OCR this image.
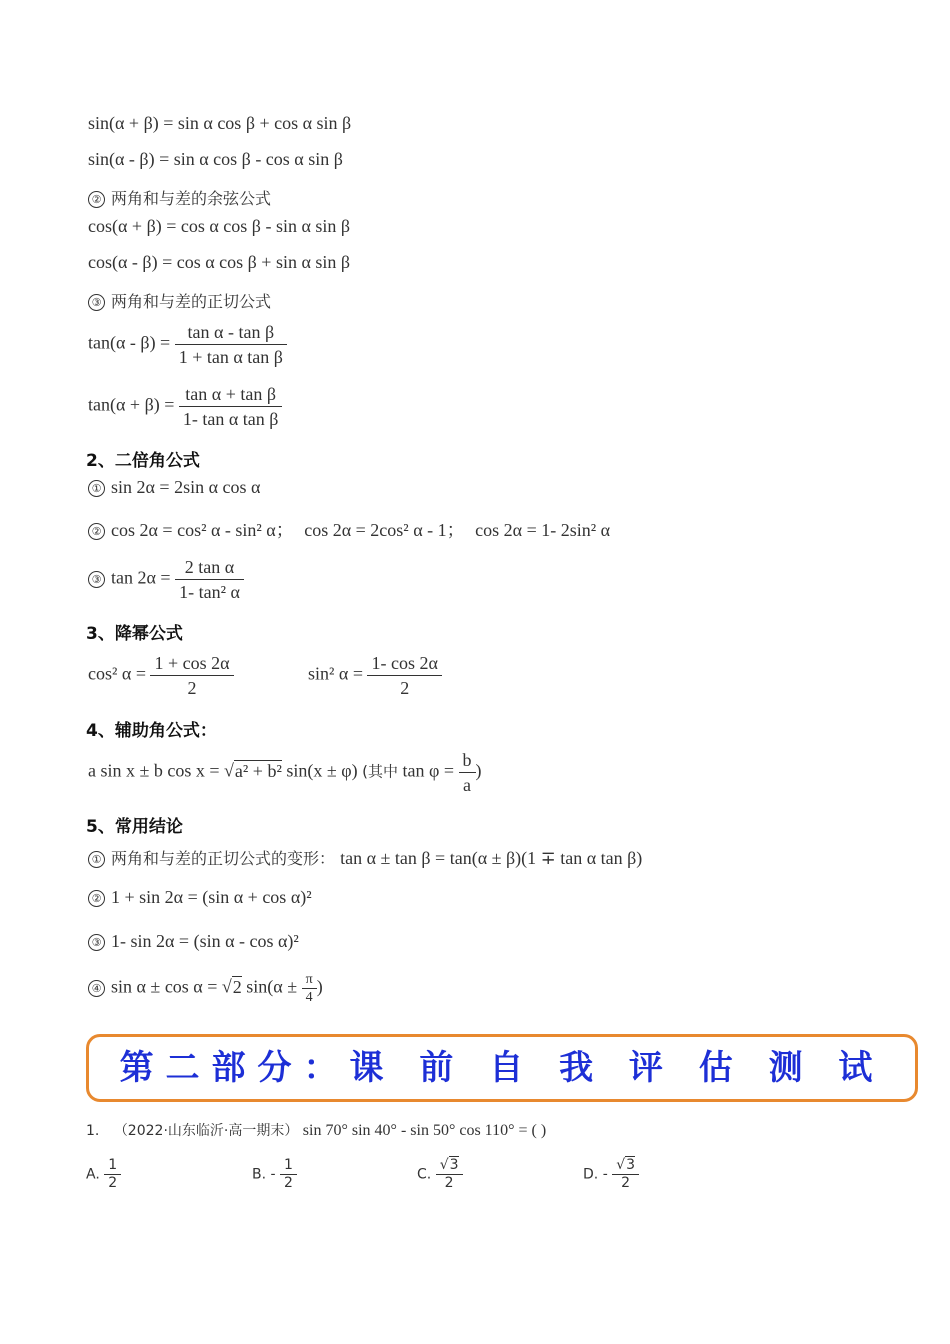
sin(α + β) = sin α cos β + cos α sin β
sin(α - β) = sin α cos β - cos α sin β
② 两角和与差的余弦公式
cos(α + β) = cos α cos β - sin α sin β
cos(α - β) = cos α cos β + sin α sin β
③ 两角和与差的正切公式
$\tan(\alpha - \beta) = \frac{\text{tan α - tan β}}{\text{1 + tan α tan β}}$
$\tan(\alpha + \beta) = \frac{\text{tan α + tan β}}{\text{1- tan α tan β}}$
2、二倍角公式
① sin 2α = 2sin α cos α
② cos 2α = cos² α - sin² α； cos 2α = 2cos² α - 1； cos 2α = 1- 2sin² α
③ $\tan 2\alpha = \frac{\text{2 tan α}}{\text{1- tan² α}}$
3、降幂公式
cos² $\alpha = \frac{1 + \cos 2\alpha}{2}$	sin² $\alpha = \frac{1- \cos 2\alpha}{2}$
4、辅助角公式：
a sin x ± b cos x = √a² + b² sin(x ± φ) (其中 $\tan \varphi = \frac{b}{a}$ )
5、常用结论
① 两角和与差的正切公式的变形： tan α ± tan β = tan(α ± β)(1 ∓ tan α tan β)
② 1 + sin 2α = (sin α + cos α)²
③ 1- sin 2α = (sin α - cos α)²
④ sin α ± cos α = √2 $\sin(\alpha \pm \frac{\pi}{4}$ )
第二部分：课 前 自 我 评 估 测 试
1. （2022·山东临沂·高一期末） sin 70° sin 40° - sin 50° cos 110° = ( )
A. $\frac{1}{2}$	B. - $\frac{1}{2}$	C. $\frac{√3}{2}$	D. - $\frac{√3}{2}$
